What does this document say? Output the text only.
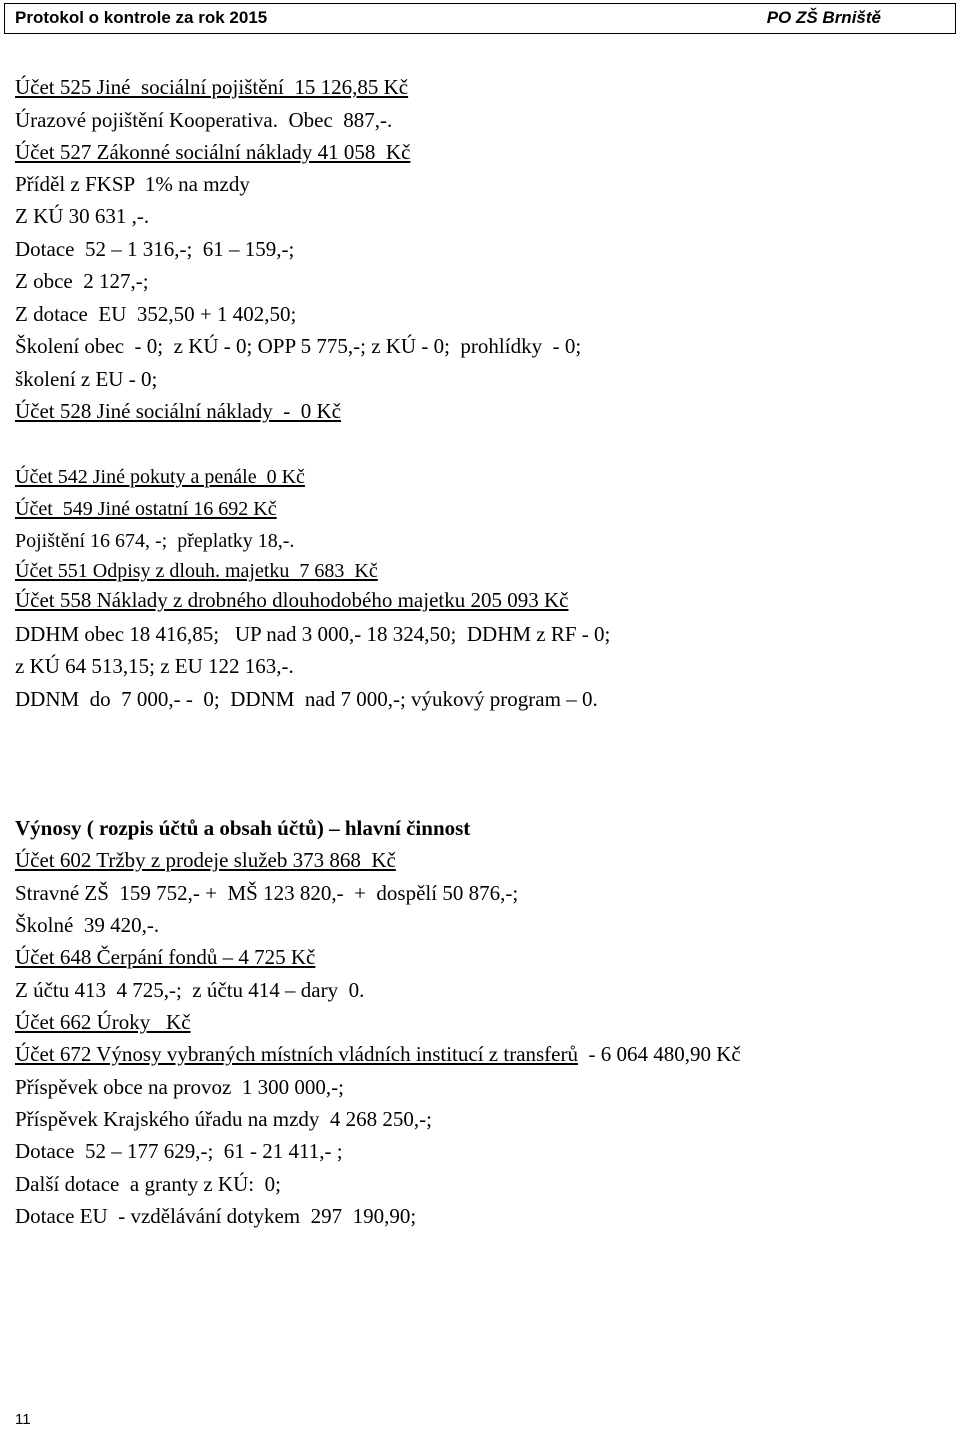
Protokol o kontrole za rok 2015	PO ZŠ Brniště
Účet 525 Jiné  sociální pojištění  15 126,85 Kč
Úrazové pojištění Kooperativa.  Obec  887,-.
Účet 527 Zákonné sociální náklady 41 058  Kč
Příděl z FKSP  1% na mzdy
Z KÚ 30 631 ,-.
Dotace  52 – 1 316,-;  61 – 159,-;
Z obce  2 127,-;
Z dotace  EU  352,50 + 1 402,50;
Školení obec  - 0;  z KÚ - 0; OPP 5 775,-; z KÚ - 0;  prohlídky  - 0;
školení z EU - 0;
Účet 528 Jiné sociální náklady  -  0 Kč
Účet 542 Jiné pokuty a penále  0 Kč
Účet  549 Jiné ostatní 16 692 Kč
Pojištění 16 674, -;  přeplatky 18,-.
Účet 551 Odpisy z dlouh. majetku  7 683  Kč
Účet 558 Náklady z drobného dlouhodobého majetku 205 093 Kč
DDHM obec 18 416,85;   UP nad 3 000,- 18 324,50;  DDHM z RF - 0;
z KÚ 64 513,15; z EU 122 163,-.
DDNM  do  7 000,- -  0;  DDNM  nad 7 000,-; výukový program – 0.
Výnosy ( rozpis účtů a obsah účtů) – hlavní činnost
Účet 602 Tržby z prodeje služeb 373 868  Kč
Stravné ZŠ  159 752,- +  MŠ 123 820,-  +  dospělí 50 876,-;
Školné  39 420,-.
Účet 648 Čerpání fondů – 4 725 Kč
Z účtu 413  4 725,-;  z účtu 414 – dary  0.
Účet 662 Úroky   Kč
Účet 672 Výnosy vybraných místních vládních institucí z transferů  - 6 064 480,90 Kč
Příspěvek obce na provoz  1 300 000,-;
Příspěvek Krajského úřadu na mzdy  4 268 250,-;
Dotace  52 – 177 629,-;  61 - 21 411,- ;
Další dotace  a granty z KÚ:  0;
Dotace EU  - vzdělávání dotykem  297  190,90;
11
